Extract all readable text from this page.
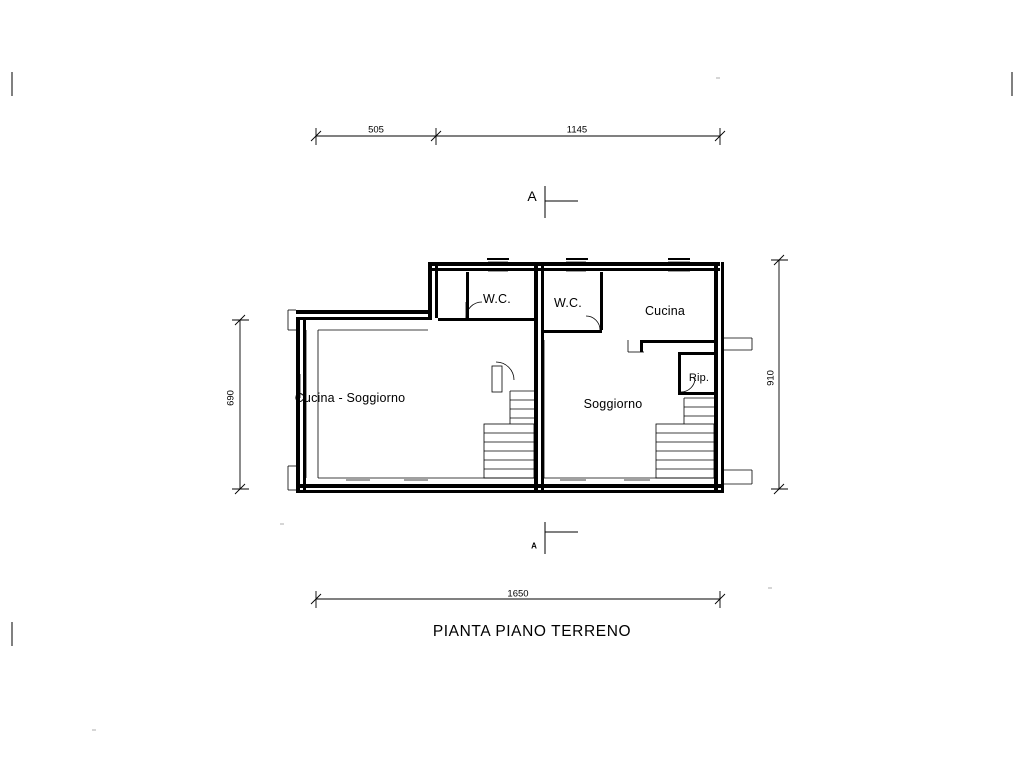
Cucina - Soggiorno	Soggiorno
W.C.	W.C.
Cucina
Rip.
505	1145
1650
690
910
A
A
PIANTA PIANO TERRENO
